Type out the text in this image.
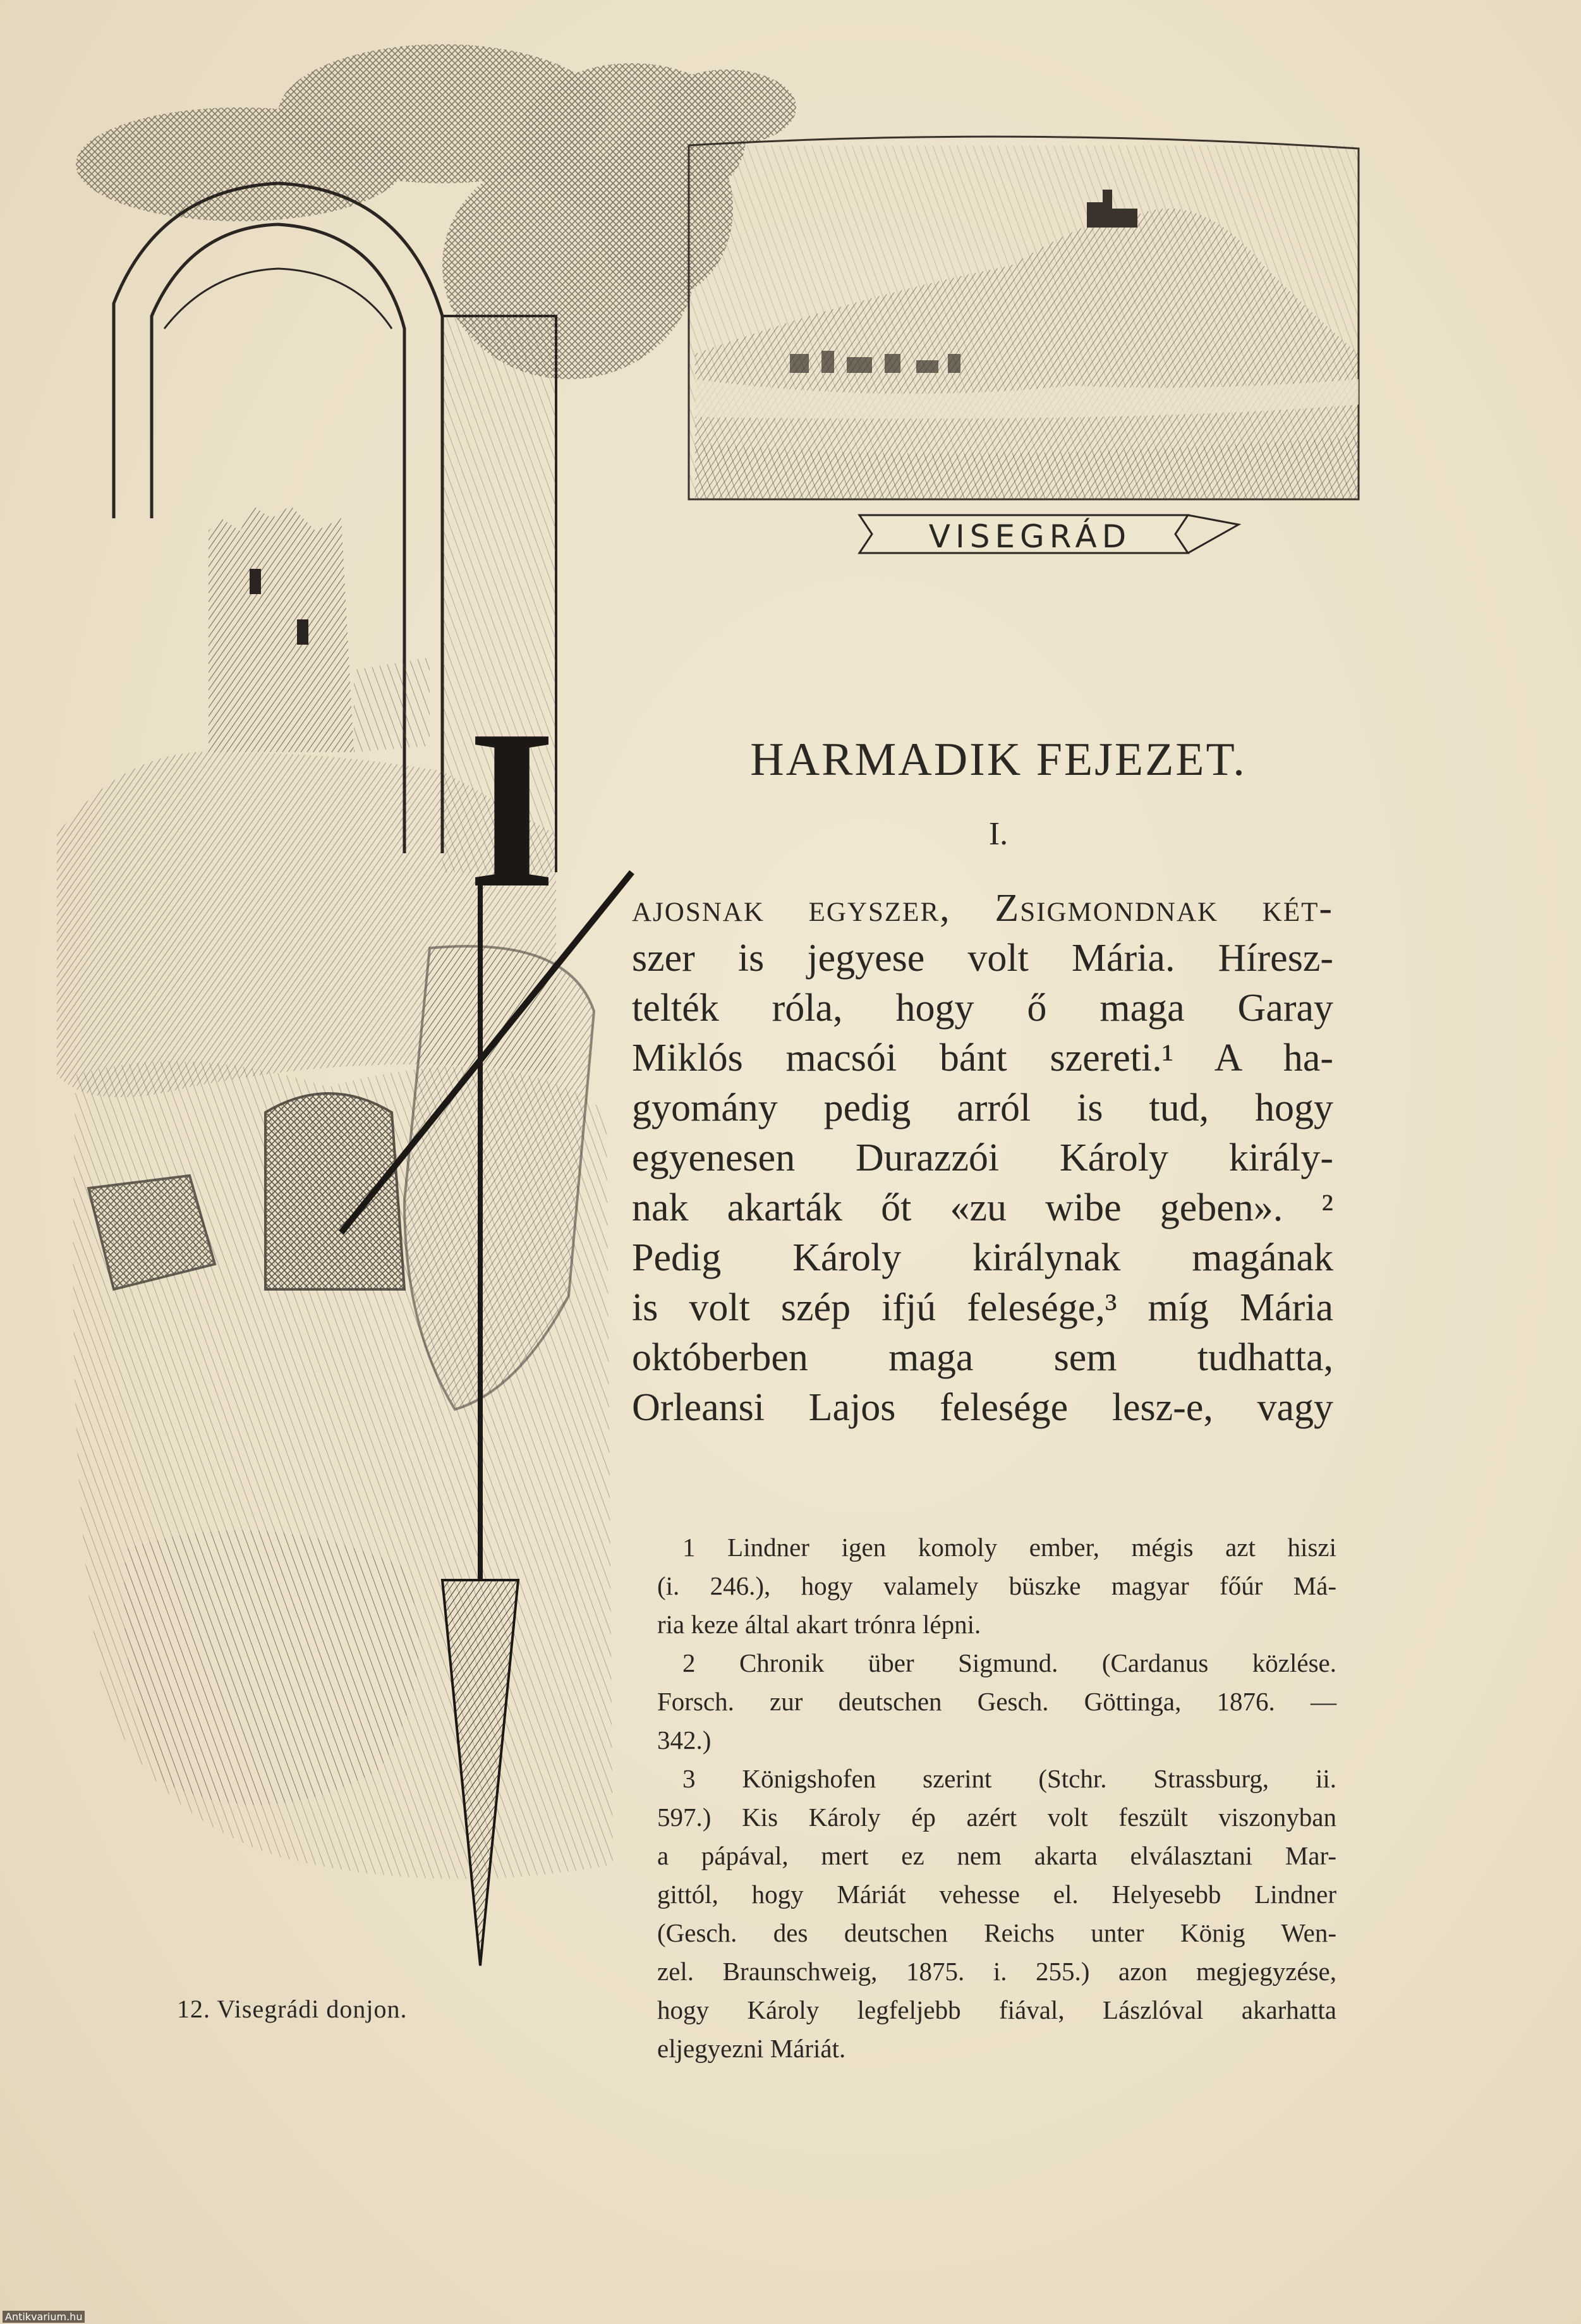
VISEGRÁD
I	HARMADIK FEJEZET.
I.
ajosnak egyszer, Zsigmondnak két-
szer is jegyese volt Mária. Híresz-
telték róla, hogy ő maga Garay
Miklós macsói bánt szereti.¹ A ha-
gyomány pedig arról is tud, hogy
egyenesen Durazzói Károly király-
nak akarták őt «zu wibe geben». ²
Pedig Károly királynak magának
is volt szép ifjú felesége,³ míg Mária
októberben maga sem tudhatta,
Orleansi Lajos felesége lesz-e, vagy
1 Lindner igen komoly ember, mégis azt hiszi
(i. 246.), hogy valamely büszke magyar főúr Má-
ria keze által akart trónra lépni.
2 Chronik über Sigmund. (Cardanus közlése.
Forsch. zur deutschen Gesch. Göttinga, 1876. —
342.)
3 Königshofen szerint (Stchr. Strassburg, ii.
597.) Kis Károly ép azért volt feszült viszonyban
a pápával, mert ez nem akarta elválasztani Mar-
gittól, hogy Máriát vehesse el. Helyesebb Lindner
(Gesch. des deutschen Reichs unter König Wen-
zel. Braunschweig, 1875. i. 255.) azon megjegyzése,
hogy Károly legfeljebb fiával, Lászlóval akarhatta
eljegyezni Máriát.
12. Visegrádi donjon.
Antikvarium.hu
